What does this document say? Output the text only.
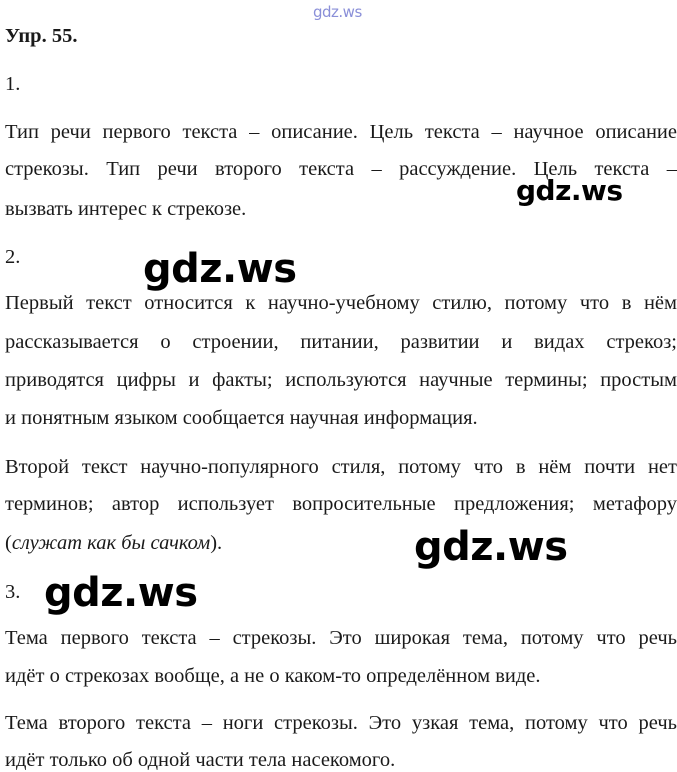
gdz.ws
Упр. 55.
1.
Тип речи первого текста – описание. Цель текста – научное описание
стрекозы. Тип речи второго текста – рассуждение. Цель текста –
вызвать интерес к стрекозе.
2.
Первый текст относится к научно-учебному стилю, потому что в нём
рассказывается о строении, питании, развитии и видах стрекоз;
приводятся цифры и факты; используются научные термины; простым
и понятным языком сообщается научная информация.
Второй текст научно-популярного стиля, потому что в нём почти нет
терминов; автор использует вопросительные предложения; метафору
(служат как бы сачком).
3.
Тема первого текста – стрекозы. Это широкая тема, потому что речь
идёт о стрекозах вообще, а не о каком-то определённом виде.
Тема второго текста – ноги стрекозы. Это узкая тема, потому что речь
идёт только об одной части тела насекомого.
gdz.ws
gdz.ws
gdz.ws
gdz.ws
